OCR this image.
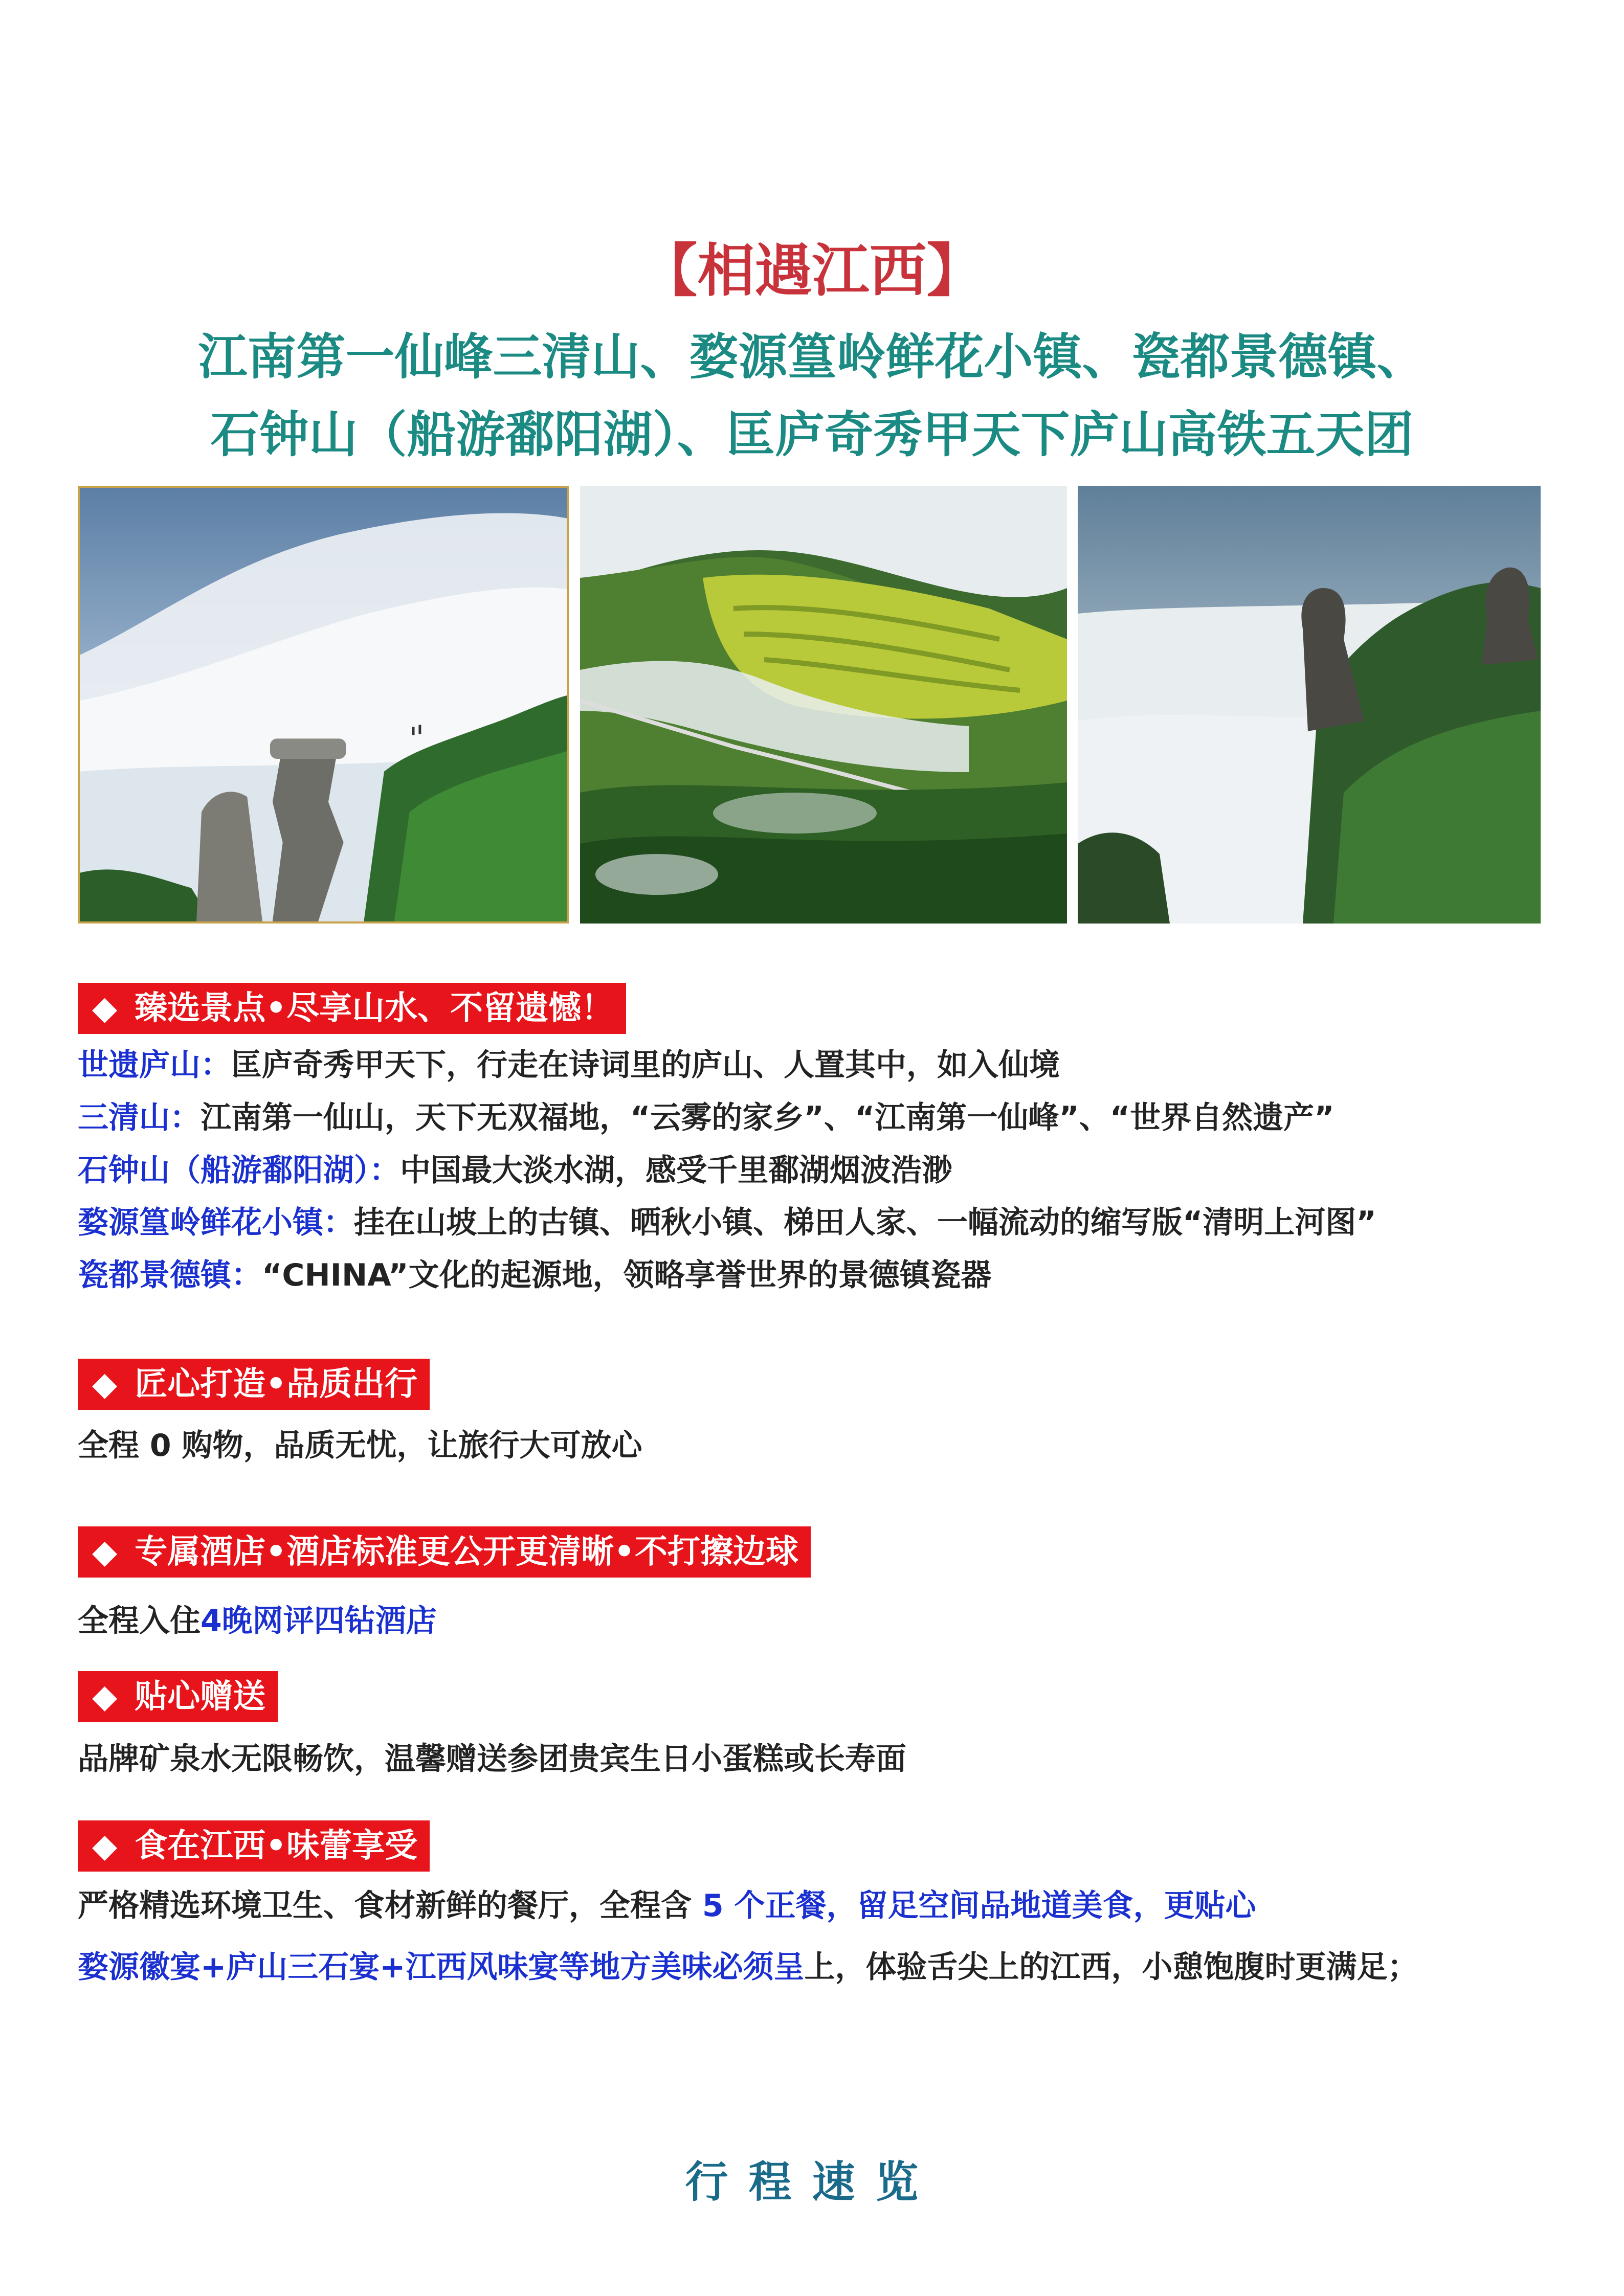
【相遇江西】
江南第一仙峰三清山、婺源篁岭鲜花小镇、瓷都景德镇、
石钟山（船游鄱阳湖）、匡庐奇秀甲天下庐山高铁五天团
◆ 臻选景点•尽享山水、不留遗憾！
世遗庐山：匡庐奇秀甲天下，行走在诗词里的庐山、人置其中，如入仙境
三清山：江南第一仙山，天下无双福地，“云雾的家乡”、“江南第一仙峰”、“世界自然遗产”
石钟山（船游鄱阳湖）：中国最大淡水湖，感受千里鄱湖烟波浩渺
婺源篁岭鲜花小镇：挂在山坡上的古镇、晒秋小镇、梯田人家、一幅流动的缩写版“清明上河图”
瓷都景德镇：“CHINA”文化的起源地，领略享誉世界的景德镇瓷器
◆ 匠心打造•品质出行
全程 0 购物，品质无忧，让旅行大可放心
◆ 专属酒店•酒店标准更公开更清晰•不打擦边球
全程入住4晚网评四钻酒店
◆ 贴心赠送
品牌矿泉水无限畅饮，温馨赠送参团贵宾生日小蛋糕或长寿面
◆ 食在江西•味蕾享受
严格精选环境卫生、食材新鲜的餐厅，全程含 5 个正餐，留足空间品地道美食，更贴心
婺源徽宴+庐山三石宴+江西风味宴等地方美味必须呈上，体验舌尖上的江西，小憩饱腹时更满足；
行程速览
